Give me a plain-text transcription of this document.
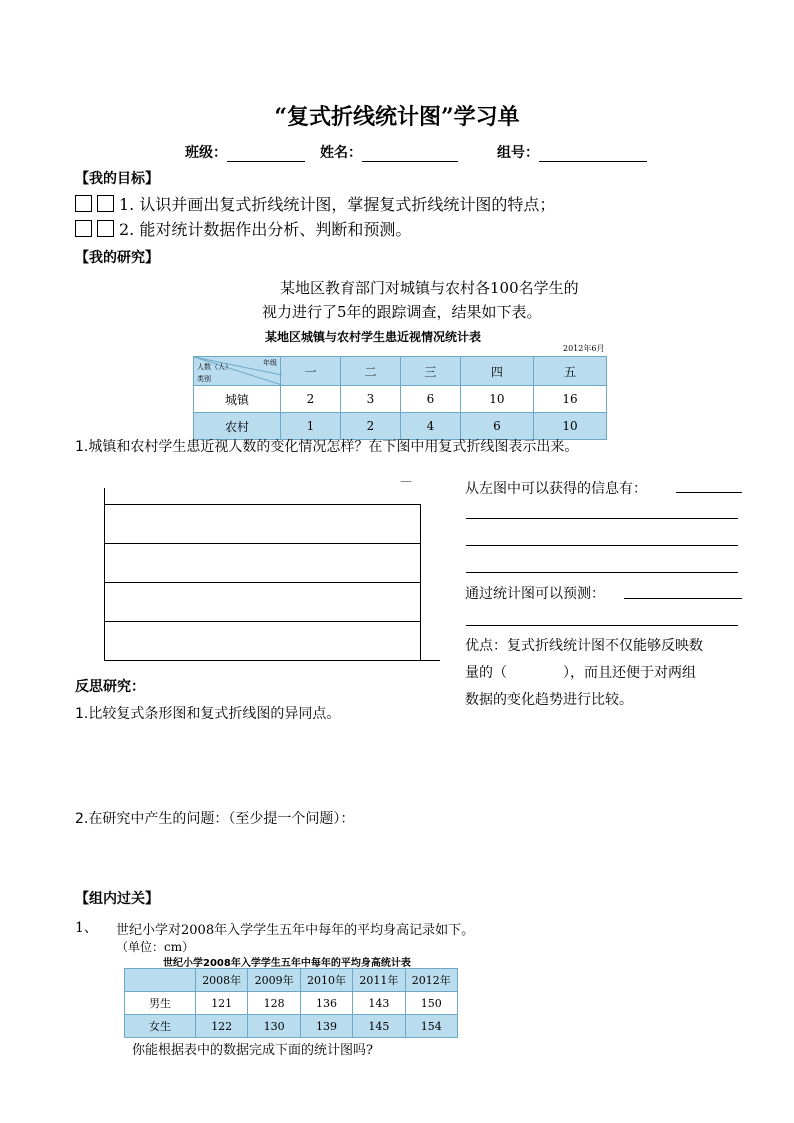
“复式折线统计图”学习单
班级：	姓名：	组号：
【我的目标】
1. 认识并画出复式折线统计图，掌握复式折线统计图的特点；
2. 能对统计数据作出分析、判断和预测。
【我的研究】
某地区教育部门对城镇与农村各100名学生的
视力进行了5年的跟踪调查，结果如下表。
某地区城镇与农村学生患近视情况统计表
2012年6月
年级
人数（人）
类别	一	二	三	四	五
城镇	2	3	6	10	16
农村	1	2	4	6	10
1.城镇和农村学生患近视人数的变化情况怎样？在下图中用复式折线图表示出来。
—	从左图中可以获得的信息有：
通过统计图可以预测：
优点：复式折线统计图不仅能够反映数
量的（　　　　），而且还便于对两组
数据的变化趋势进行比较。
反思研究：
1.比较复式条形图和复式折线图的异同点。
2.在研究中产生的问题：（至少提一个问题）：
【组内过关】
1、 世纪小学对2008年入学学生五年中每年的平均身高记录如下。
（单位：cm）
世纪小学2008年入学学生五年中每年的平均身高统计表
	2008年	2009年	2010年	2011年	2012年
男生	121	128	136	143	150
女生	122	130	139	145	154
你能根据表中的数据完成下面的统计图吗?
